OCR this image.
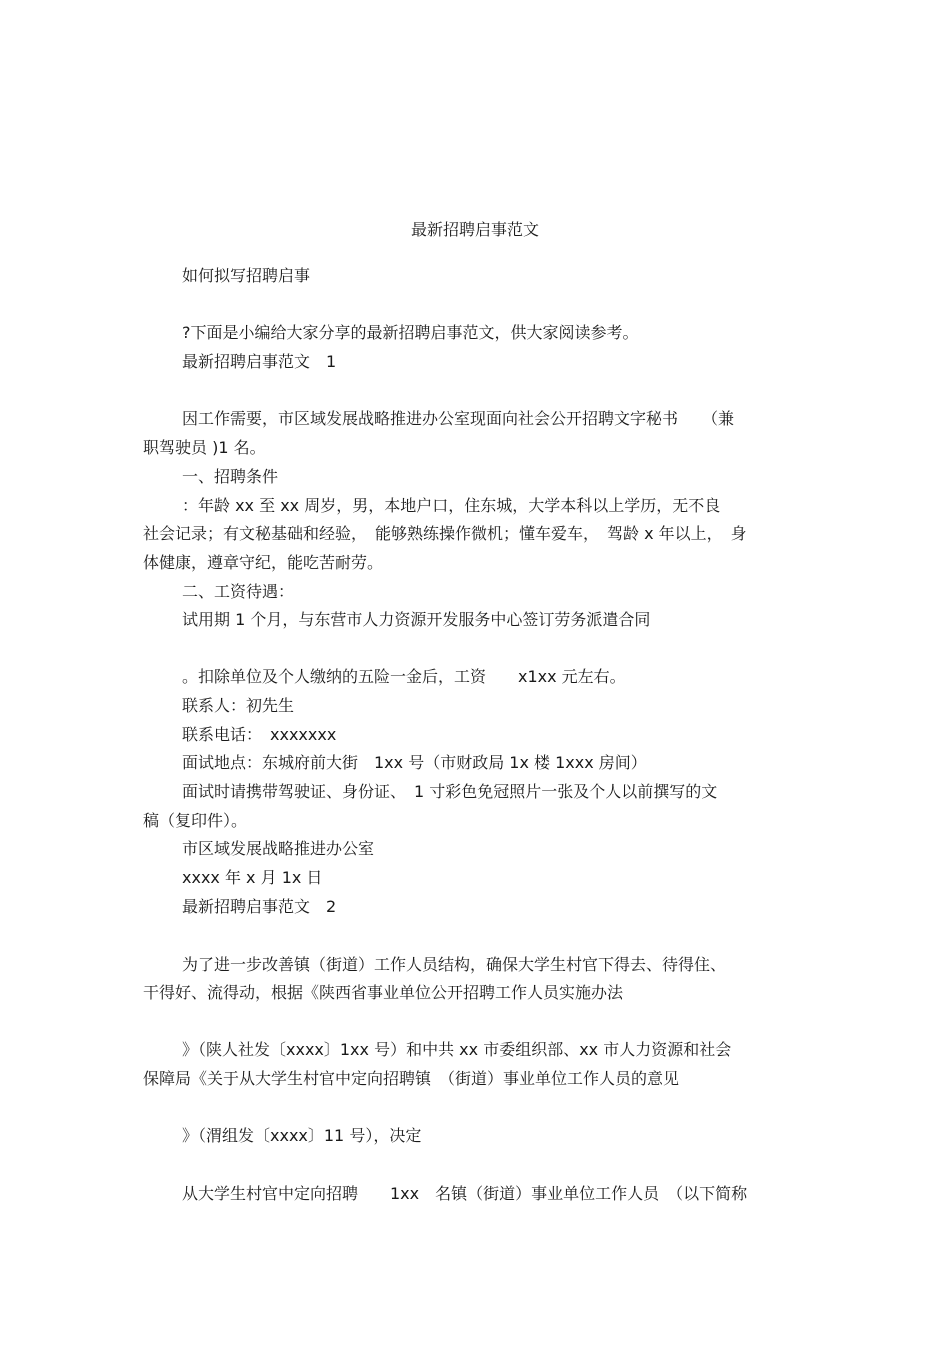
最新招聘启事范文
如何拟写招聘启事
?下面是小编给大家分享的最新招聘启事范文，供大家阅读参考。
最新招聘启事范文　1
因工作需要，市区域发展战略推进办公室现面向社会公开招聘文字秘书　　（兼
职驾驶员 )1 名。
一、招聘条件
：年龄 xx 至 xx 周岁，男，本地户口，住东城，大学本科以上学历，无不良
社会记录；有文秘基础和经验，　能够熟练操作微机；懂车爱车，　驾龄 x 年以上，　身
体健康，遵章守纪，能吃苦耐劳。
二、工资待遇：
试用期 1 个月，与东营市人力资源开发服务中心签订劳务派遣合同
。扣除单位及个人缴纳的五险一金后，工资　　x1xx 元左右。
联系人：初先生
联系电话：　xxxxxxx
面试地点：东城府前大街　1xx 号（市财政局 1x 楼 1xxx 房间）
面试时请携带驾驶证、身份证、　1 寸彩色免冠照片一张及个人以前撰写的文
稿（复印件）。
市区域发展战略推进办公室
xxxx 年 x 月 1x 日
最新招聘启事范文　2
为了进一步改善镇（街道）工作人员结构，确保大学生村官下得去、待得住、
干得好、流得动，根据《陕西省事业单位公开招聘工作人员实施办法
》（陕人社发〔xxxx〕1xx 号）和中共 xx 市委组织部、xx 市人力资源和社会
保障局《关于从大学生村官中定向招聘镇　（街道）事业单位工作人员的意见
》（渭组发〔xxxx〕11 号），决定
从大学生村官中定向招聘　　1xx　名镇（街道）事业单位工作人员　（以下简称
